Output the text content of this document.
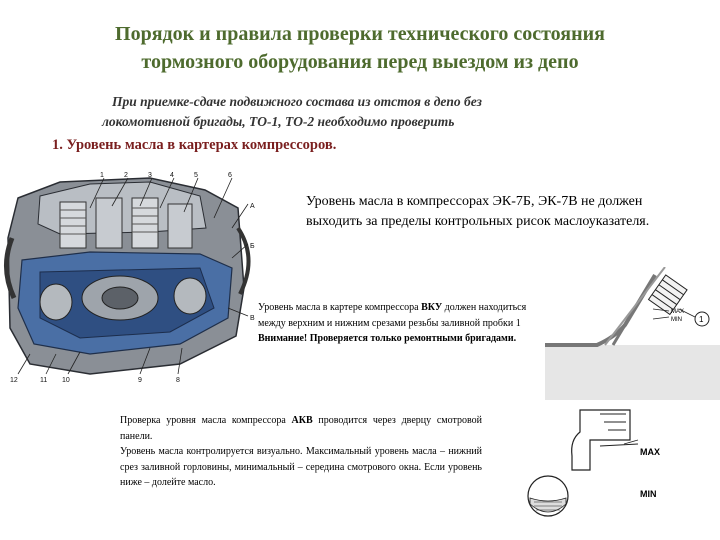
Порядок и правила проверки технического состояния
тормозного оборудования перед выездом из депо
При приемке-сдаче подвижного состава из отстоя в депо без
локомотивной бригады, ТО-1, ТО-2 необходимо проверить
1. Уровень масла в картерах компрессоров.
1	2	3	4	5	6
А
Б
В
12	11 10	9	8
Уровень масла в компрессорах ЭК-7Б, ЭК-7В не должен выходить за пределы контрольных рисок маслоуказателя.
Уровень масла в картере компрессора ВКУ должен находиться между верхним и нижним срезами резьбы заливной пробки 1
Внимание! Проверяется только ремонтными бригадами.
Проверка уровня масла компрессора АКВ проводится через дверцу смотровой панели.
Уровень масла контролируется визуально. Максимальный уровень масла – нижний срез заливной горловины, минимальный – середина смотрового окна. Если уровень ниже – долейте масло.
MAX
MIN 1
MAX
MIN
